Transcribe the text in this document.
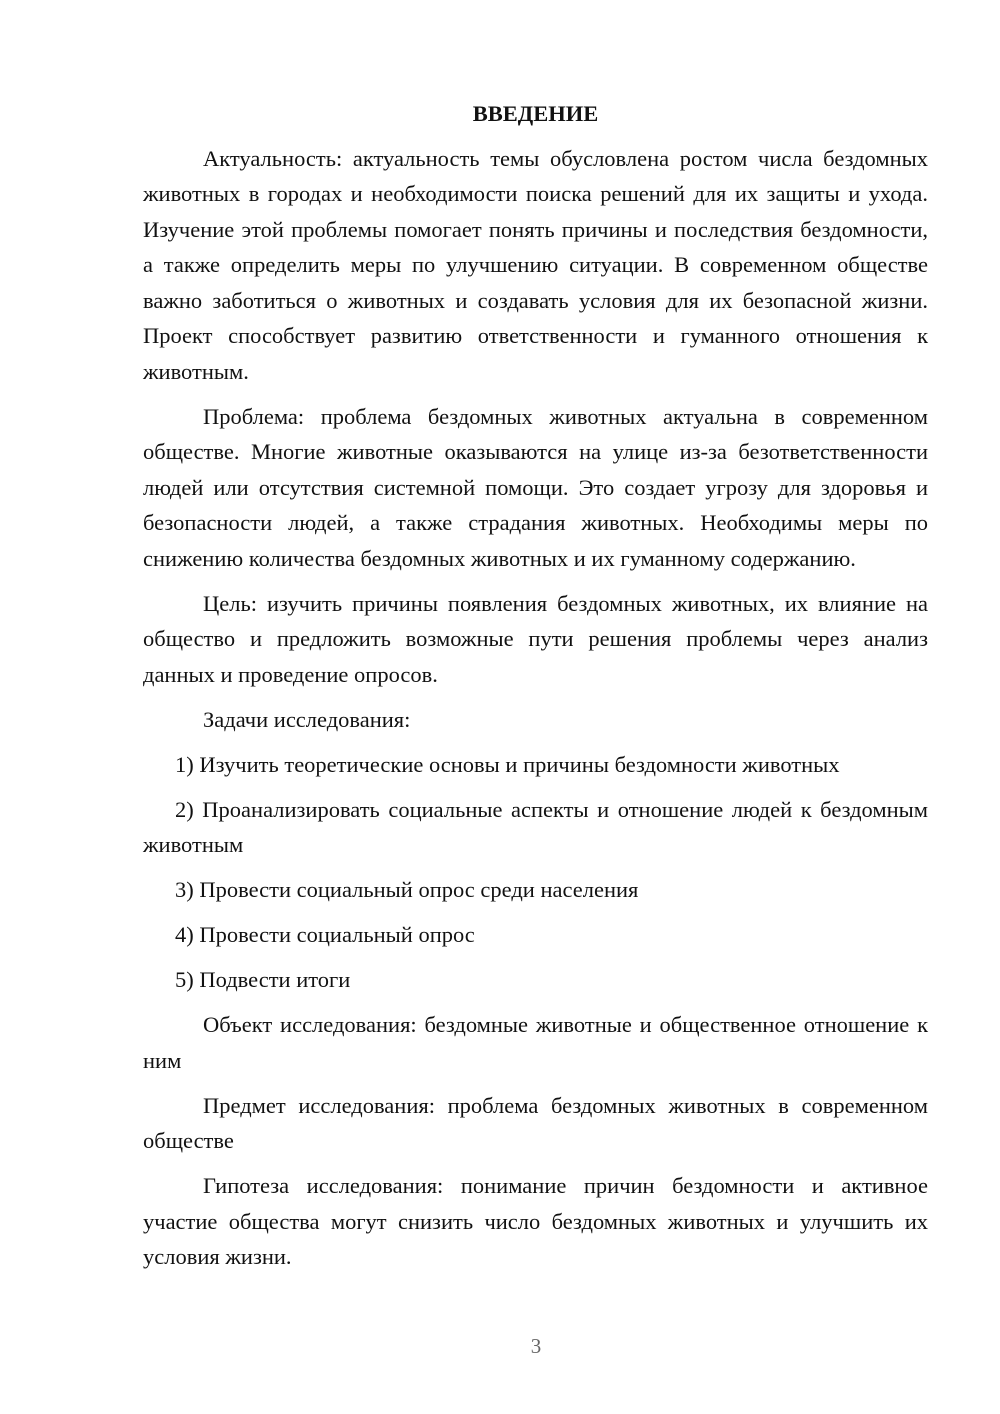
ВВЕДЕНИЕ

Актуальность: актуальность темы обусловлена ростом числа бездомных животных в городах и необходимости поиска решений для их защиты и ухода. Изучение этой проблемы помогает понять причины и последствия бездомности, а также определить меры по улучшению ситуации. В современном обществе важно заботиться о животных и создавать условия для их безопасной жизни. Проект способствует развитию ответственности и гуманного отношения к животным.

Проблема: проблема бездомных животных актуальна в современном обществе. Многие животные оказываются на улице из-за безответственности людей или отсутствия системной помощи. Это создает угрозу для здоровья и безопасности людей, а также страдания животных. Необходимы меры по снижению количества бездомных животных и их гуманному содержанию.

Цель: изучить причины появления бездомных животных, их влияние на общество и предложить возможные пути решения проблемы через анализ данных и проведение опросов.

Задачи исследования:

1) Изучить теоретические основы и причины бездомности животных

2) Проанализировать социальные аспекты и отношение людей к бездомным животным

3) Провести социальный опрос среди населения

4) Провести социальный опрос

5) Подвести итоги

Объект исследования: бездомные животные и общественное отношение к ним

Предмет исследования: проблема бездомных животных в современном обществе

Гипотеза исследования: понимание причин бездомности и активное участие общества могут снизить число бездомных животных и улучшить их условия жизни.

3
